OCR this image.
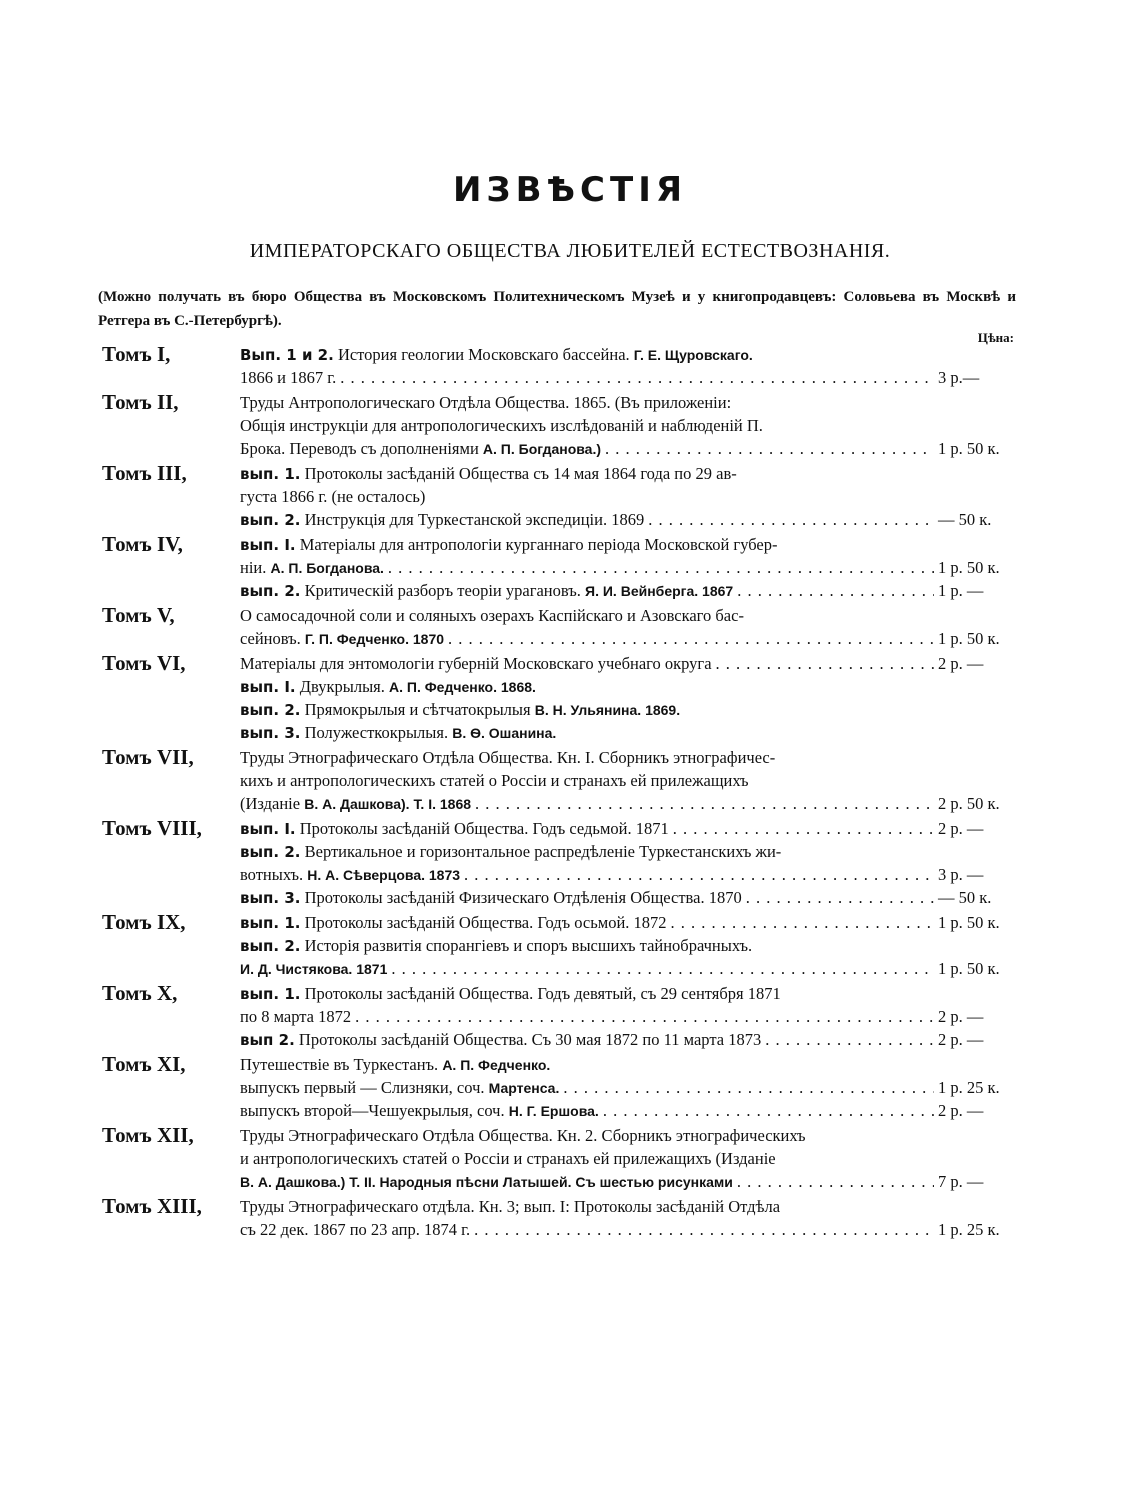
ИЗВѢСТІЯ
ИМПЕРАТОРСКАГО ОБЩЕСТВА ЛЮБИТЕЛЕЙ ЕСТЕСТВОЗНАНІЯ.
(Можно получать въ бюро Общества въ Московскомъ Политехническомъ Музеѣ и у книгопродавцевъ: Соловьева въ Москвѣ и Ретгера въ С.-Петербургѣ).
Цѣна:
Томъ I,	Вып. 1 и 2. История геологии Московскаго бассейна. Г. Е. Щуровскаго.
1866 и 1867 г. . . .	3 р.—
Томъ II,	Труды Антропологическаго Отдѣла Общества. 1865. (Въ приложеніи:
Общія инструкціи для антропологическихъ изслѣдованій и наблюденій П.
Брока. Переводъ съ дополненіями А. П. Богданова.) . . .	1 р. 50 к.
Томъ III,	вып. 1. Протоколы засѣданій Общества съ 14 мая 1864 года по 29 ав-
густа 1866 г. (не осталось)
вып. 2. Инструкція для Туркестанской экспедиціи. 1869 . . .	— 50 к.
Томъ IV,	вып. I. Матеріалы для антропологіи курганнаго періода Московской губер-
ніи. А. П. Богданова. . . .	1 р. 50 к.
вып. 2. Критическій разборъ теоріи урагановъ. Я. И. Вейнберга. 1867 . . .	1 р. —
Томъ V,	О самосадочной соли и соляныхъ озерахъ Каспійскаго и Азовскаго бас-
сейновъ. Г. П. Федченко. 1870 . . .	1 р. 50 к.
Томъ VI,	Матеріалы для энтомологіи губерній Московскаго учебнаго округа . . .	2 р. —
вып. I. Двукрылыя. А. П. Федченко. 1868.
вып. 2. Прямокрылыя и сѣтчатокрылыя В. Н. Ульянина. 1869.
вып. 3. Полужесткокрылыя. В. Ѳ. Ошанина.
Томъ VII,	Труды Этнографическаго Отдѣла Общества. Кн. I. Сборникъ этнографичес-
кихъ и антропологическихъ статей о Россіи и странахъ ей прилежащихъ
(Изданіе В. А. Дашкова). Т. I. 1868 . . .	2 р. 50 к.
Томъ VIII,	вып. I. Протоколы засѣданій Общества. Годъ седьмой. 1871 . . .	2 р. —
вып. 2. Вертикальное и горизонтальное распредѣленіе Туркестанскихъ жи-
вотныхъ. Н. А. Сѣверцова. 1873 . . .	3 р. —
вып. 3. Протоколы засѣданій Физическаго Отдѣленія Общества. 1870 . . .	— 50 к.
Томъ IX,	вып. 1. Протоколы засѣданій Общества. Годъ осьмой. 1872 . . .	1 р. 50 к.
вып. 2. Исторія развитія спорангіевъ и споръ высшихъ тайнобрачныхъ.
И. Д. Чистякова. 1871 . . .	1 р. 50 к.
Томъ X,	вып. 1. Протоколы засѣданій Общества. Годъ девятый, съ 29 сентября 1871
по 8 марта 1872 . . .	2 р. —
вып 2. Протоколы засѣданій Общества. Съ 30 мая 1872 по 11 марта 1873 . . .	2 р. —
Томъ XI,	Путешествіе въ Туркестанъ. А. П. Федченко.
выпускъ первый — Слизняки, соч. Мартенса. . . .	1 р. 25 к.
выпускъ второй—Чешуекрылыя, соч. Н. Г. Ершова. . . .	2 р. —
Томъ XII,	Труды Этнографическаго Отдѣла Общества. Кн. 2. Сборникъ этнографическихъ
и антропологическихъ статей о Россіи и странахъ ей прилежащихъ (Изданіе
В. А. Дашкова.) Т. II. Народныя пѣсни Латышей. Съ шестью рисунками . . .	7 р. —
Томъ XIII,	Труды Этнографическаго отдѣла. Кн. 3; вып. I: Протоколы засѣданій Отдѣла
съ 22 дек. 1867 по 23 апр. 1874 г. . . .	1 р. 25 к.
